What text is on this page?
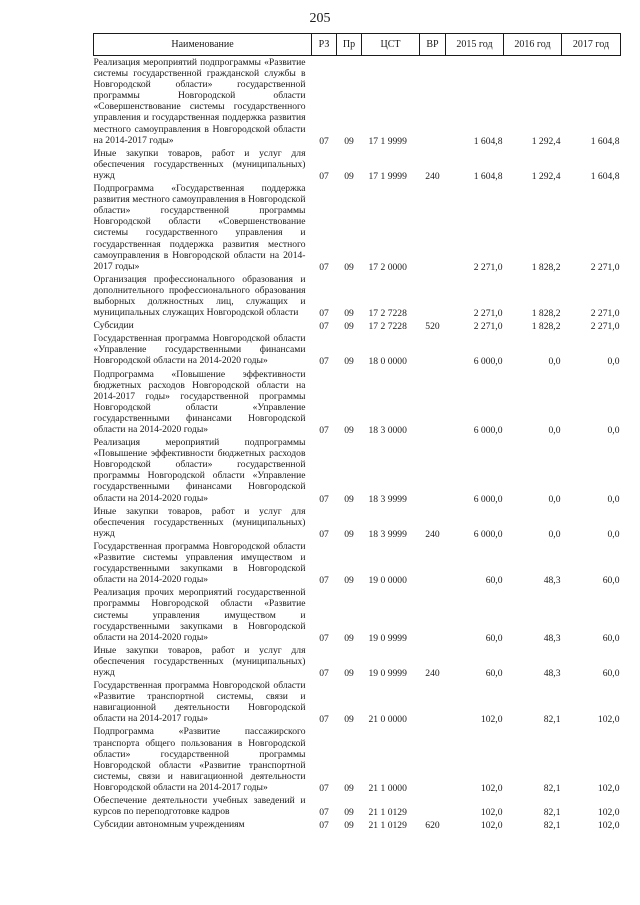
205
Наименование	РЗ	Пр	ЦСТ	ВР	2015 год	2016 год	2017 год

Реализация мероприятий подпрограммы «Развитие системы государственной гражданской службы в Новгородской области» государственной программы Новгородской области «Совершенствование системы государственного управления и государственная поддержка развития местного самоуправления в Новгородской области на 2014-2017 годы»	07	09	17 1 9999		1 604,8	1 292,4	1 604,8

Иные закупки товаров, работ и услуг для обеспечения государственных (муниципальных) нужд	07	09	17 1 9999	240	1 604,8	1 292,4	1 604,8

Подпрограмма «Государственная поддержка развития местного самоуправления в Новгородской области» государственной программы Новгородской области «Совершенствование системы государственного управления и государственная поддержка развития местного самоуправления в Новгородской области на 2014-2017 годы»	07	09	17 2 0000		2 271,0	1 828,2	2 271,0

Организация профессионального образования и дополнительного профессионального образования выборных должностных лиц, служащих и муниципальных служащих Новгородской области	07	09	17 2 7228		2 271,0	1 828,2	2 271,0

Субсидии	07	09	17 2 7228	520	2 271,0	1 828,2	2 271,0

Государственная программа Новгородской области «Управление государственными финансами Новгородской области на 2014-2020 годы»	07	09	18 0 0000		6 000,0	0,0	0,0

Подпрограмма «Повышение эффективности бюджетных расходов Новгородской области на 2014-2017 годы» государственной программы Новгородской области «Управление государственными финансами Новгородской области на 2014-2020 годы»	07	09	18 3 0000		6 000,0	0,0	0,0

Реализация мероприятий подпрограммы «Повышение эффективности бюджетных расходов Новгородской области» государственной программы Новгородской области «Управление государственными финансами Новгородской области на 2014-2020 годы»	07	09	18 3 9999		6 000,0	0,0	0,0

Иные закупки товаров, работ и услуг для обеспечения государственных (муниципальных) нужд	07	09	18 3 9999	240	6 000,0	0,0	0,0

Государственная программа Новгородской области «Развитие системы управления имуществом и государственными закупками в Новгородской области на 2014-2020 годы»	07	09	19 0 0000		60,0	48,3	60,0

Реализация прочих мероприятий государственной программы Новгородской области «Развитие системы управления имуществом и государственными закупками в Новгородской области на 2014-2020 годы»	07	09	19 0 9999		60,0	48,3	60,0

Иные закупки товаров, работ и услуг для обеспечения государственных (муниципальных) нужд	07	09	19 0 9999	240	60,0	48,3	60,0

Государственная программа Новгородской области «Развитие транспортной системы, связи и навигационной деятельности Новгородской области на 2014-2017 годы»	07	09	21 0 0000		102,0	82,1	102,0

Подпрограмма «Развитие пассажирского транспорта общего пользования в Новгородской области» государственной программы Новгородской области «Развитие транспортной системы, связи и навигационной деятельности Новгородской области на 2014-2017 годы»	07	09	21 1 0000		102,0	82,1	102,0

Обеспечение деятельности учебных заведений и курсов по переподготовке кадров	07	09	21 1 0129		102,0	82,1	102,0

Субсидии автономным учреждениям	07	09	21 1 0129	620	102,0	82,1	102,0
